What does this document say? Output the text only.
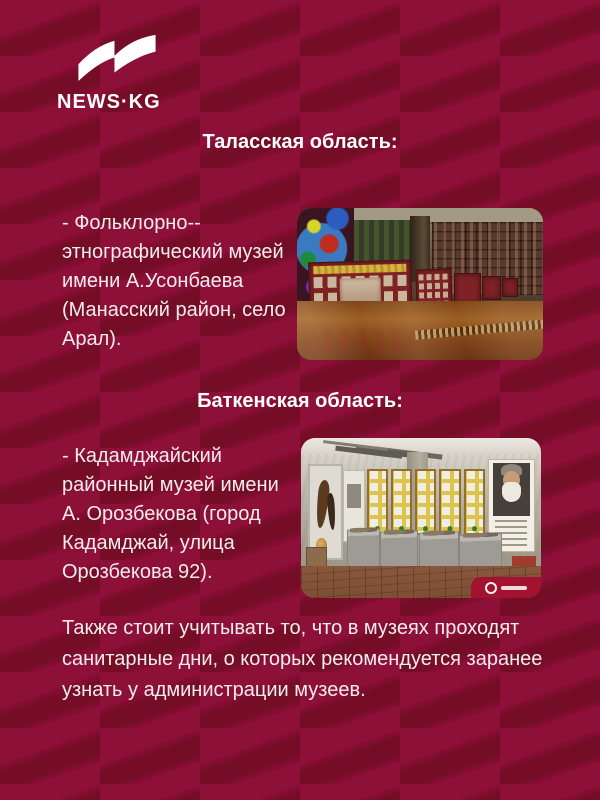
NEWS·KG
Таласская область:
- Фольклорно--
этнографический музей
имени А.Усонбаева
(Манасский район, село
Арал).
Баткенская область:
- Кадамджайский
районный музей имени
А. Орозбекова (город
Кадамджай, улица
Орозбекова 92).
Также стоит учитывать то, что в музеях проходят
санитарные дни, о которых рекомендуется заранее
узнать у администрации музеев.
